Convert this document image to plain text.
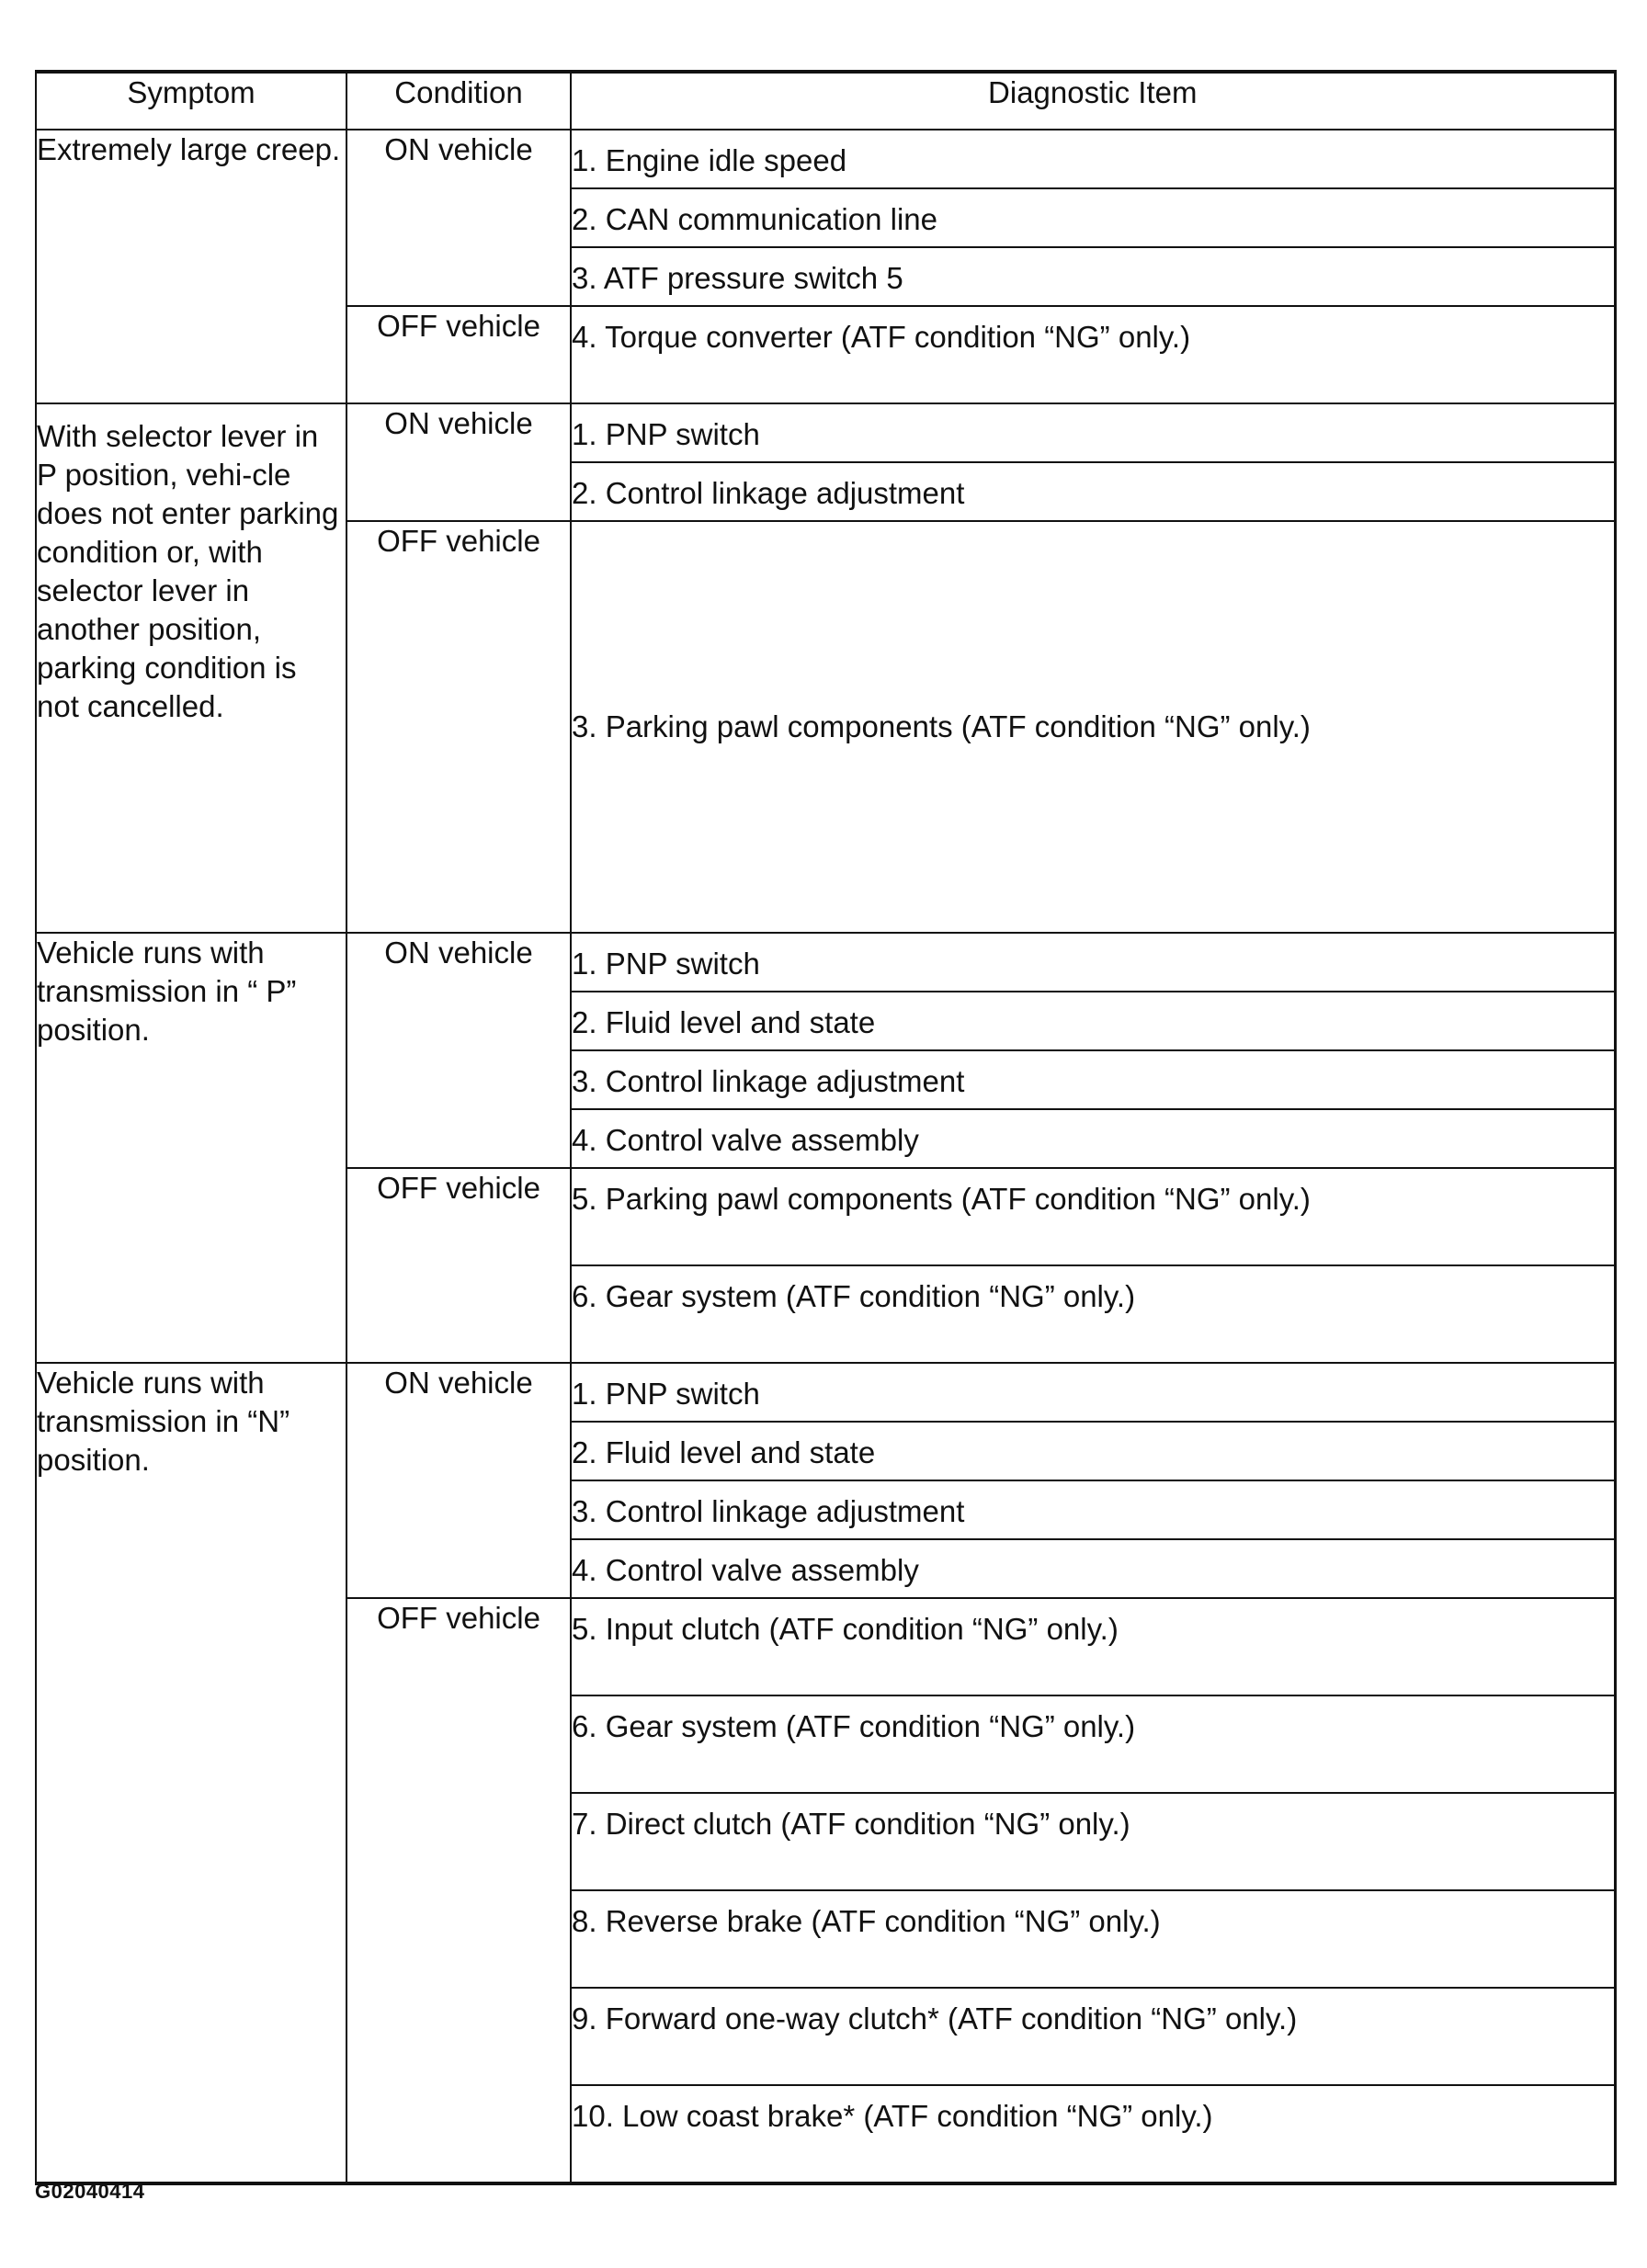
Symptom	Condition	Diagnostic Item
Extremely large creep.	ON vehicle	1. Engine idle speed

		2. CAN communication line

		3. ATF pressure switch 5

	OFF vehicle	4. Torque converter (ATF condition “NG” only.)

With selector lever in P position, vehi-cle does not enter parking condition or, with selector lever in another position, parking condition is not cancelled.	ON vehicle	1. PNP switch

		2. Control linkage adjustment

	OFF vehicle	3. Parking pawl components (ATF condition “NG” only.)

Vehicle runs with transmission in “ P” position.	ON vehicle	1. PNP switch

		2. Fluid level and state

		3. Control linkage adjustment

		4. Control valve assembly

	OFF vehicle	5. Parking pawl components (ATF condition “NG” only.)

		6. Gear system (ATF condition “NG” only.)

Vehicle runs with transmission in “N” position.	ON vehicle	1. PNP switch

		2. Fluid level and state

		3. Control linkage adjustment

		4. Control valve assembly

	OFF vehicle	5. Input clutch (ATF condition “NG” only.)

		6. Gear system (ATF condition “NG” only.)

		7. Direct clutch (ATF condition “NG” only.)

		8. Reverse brake (ATF condition “NG” only.)

		9. Forward one-way clutch* (ATF condition “NG” only.)

		10. Low coast brake* (ATF condition “NG” only.)
G02040414
